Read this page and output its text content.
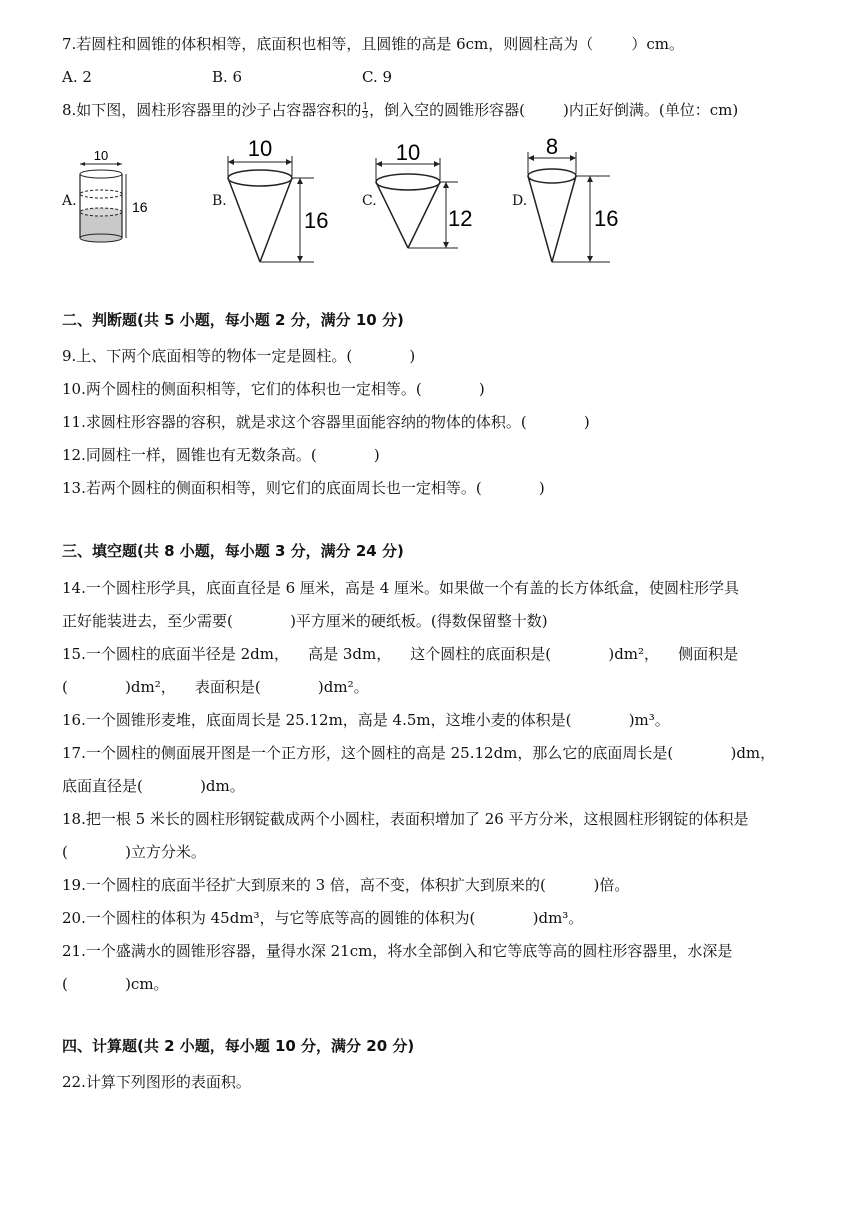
7.若圆柱和圆锥的体积相等，底面积也相等，且圆锥的高是 6cm，则圆柱高为（        ）cm。
A. 2	B. 6	C. 9
8.如下图，圆柱形容器里的沙子占容器容积的 $\frac{1}{3}$ ，倒入空的圆锥形容器(        )内正好倒满。(单位：cm)
A.	B.	C.	D.
10
16
10
16
10
12
8
16
二、判断题(共 5 小题，每小题 2 分，满分 10 分)
9.上、下两个底面相等的物体一定是圆柱。(            )
10.两个圆柱的侧面积相等，它们的体积也一定相等。(            )
11.求圆柱形容器的容积，就是求这个容器里面能容纳的物体的体积。(            )
12.同圆柱一样，圆锥也有无数条高。(            )
13.若两个圆柱的侧面积相等，则它们的底面周长也一定相等。(            )
三、填空题(共 8 小题，每小题 3 分，满分 24 分)
14.一个圆柱形学具，底面直径是 6 厘米，高是 4 厘米。如果做一个有盖的长方体纸盒，使圆柱形学具
正好能装进去，至少需要(            )平方厘米的硬纸板。(得数保留整十数)
15.一个圆柱的底面半径是 2dm，    高是 3dm，    这个圆柱的底面积是(            )dm²，    侧面积是
(            )dm²，    表面积是(            )dm²。
16.一个圆锥形麦堆，底面周长是 25.12m，高是 4.5m，这堆小麦的体积是(            )m³。
17.一个圆柱的侧面展开图是一个正方形，这个圆柱的高是 25.12dm，那么它的底面周长是(            )dm，
底面直径是(            )dm。
18.把一根 5 米长的圆柱形钢锭截成两个小圆柱，表面积增加了 26 平方分米，这根圆柱形钢锭的体积是
(            )立方分米。
19.一个圆柱的底面半径扩大到原来的 3 倍，高不变，体积扩大到原来的(          )倍。
20.一个圆柱的体积为 45dm³，与它等底等高的圆锥的体积为(            )dm³。
21.一个盛满水的圆锥形容器，量得水深 21cm，将水全部倒入和它等底等高的圆柱形容器里，水深是
(            )cm。
四、计算题(共 2 小题，每小题 10 分，满分 20 分)
22.计算下列图形的表面积。
